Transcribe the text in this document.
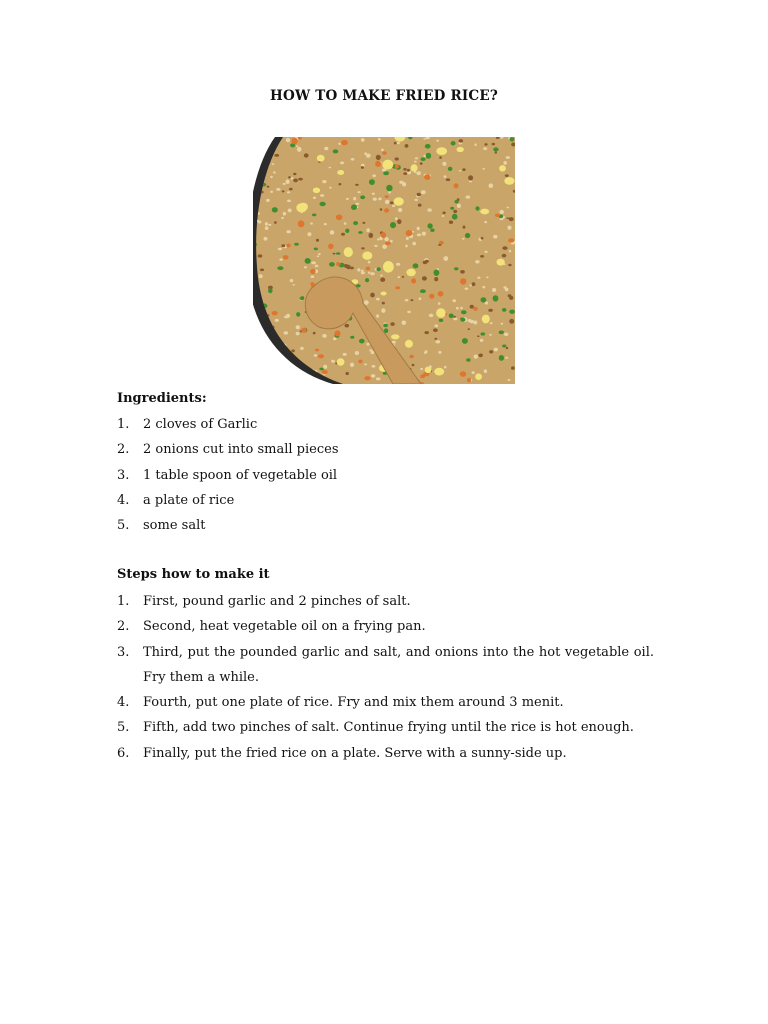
HOW TO MAKE FRIED RICE?
Ingredients:
1. 2 cloves of Garlic
2. 2 onions cut into small pieces
3. 1 table spoon of vegetable oil
4. a plate of rice
5. some salt
Steps how to make it
1. First, pound garlic and 2 pinches of salt.
2. Second, heat vegetable oil on a frying pan.
3. Third, put the pounded garlic and salt, and onions into the hot vegetable oil. Fry them a while.
4. Fourth, put one plate of rice. Fry and mix them around 3 menit.
5. Fifth, add two pinches of salt. Continue frying until the rice is hot enough.
6. Finally, put the fried rice on a plate. Serve with a sunny-side up.
